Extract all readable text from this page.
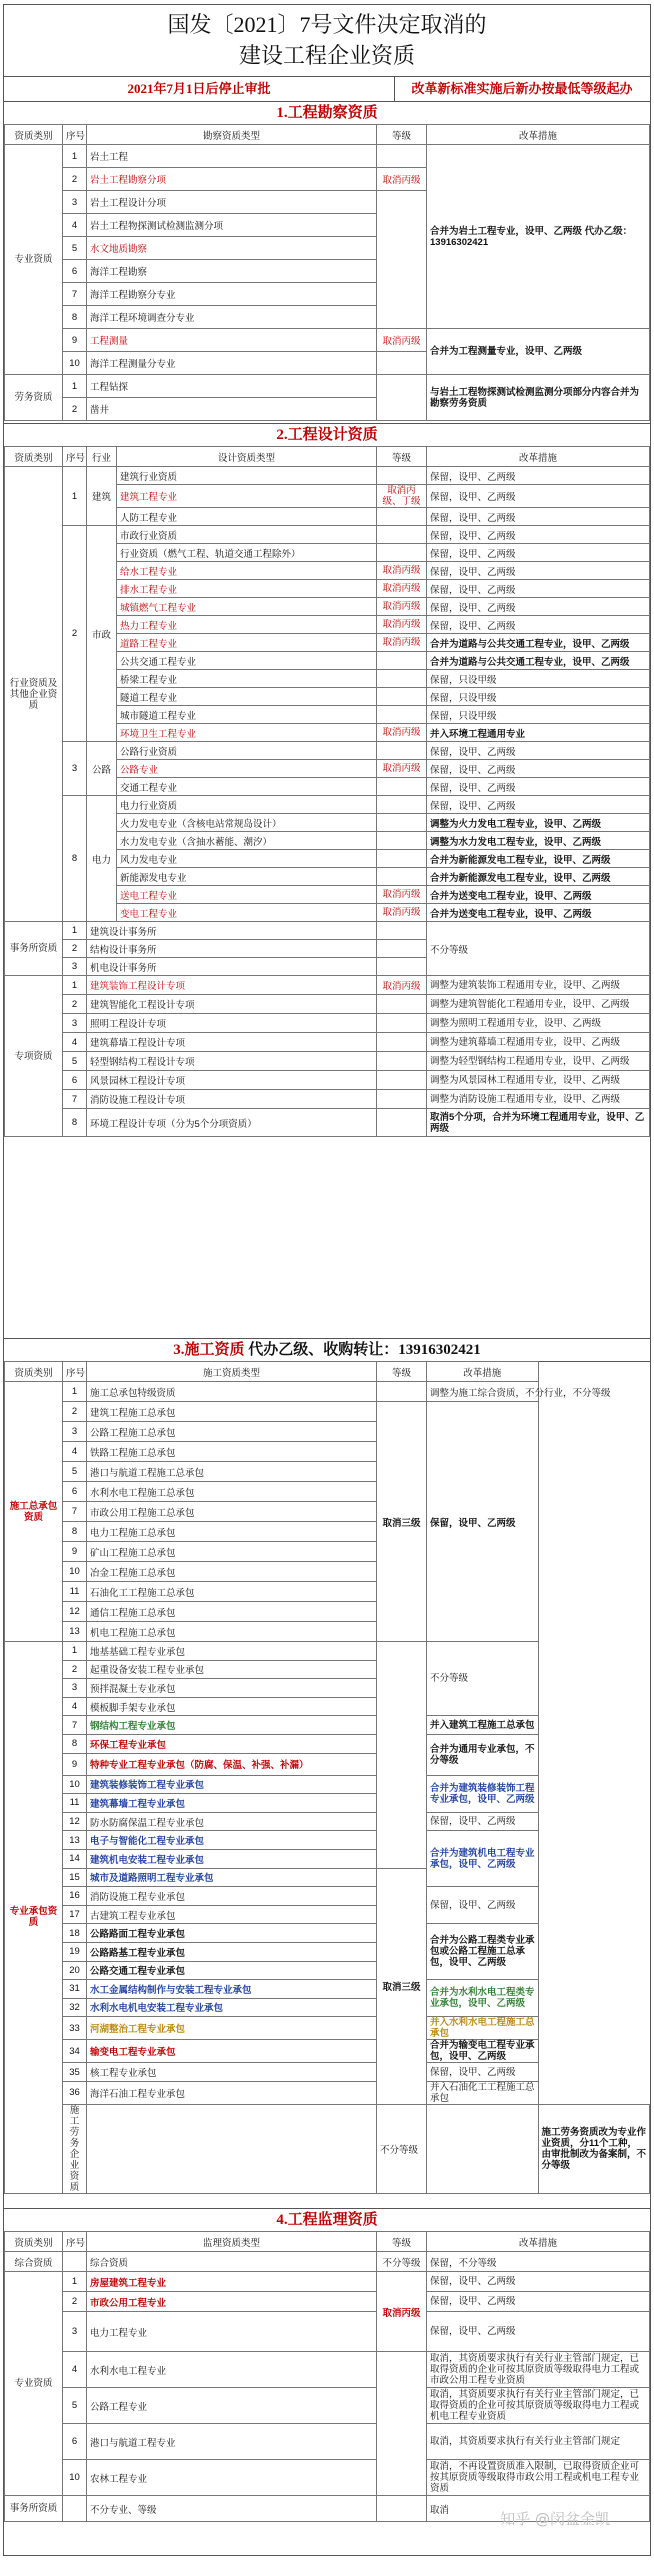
国发〔2021〕7号文件决定取消的
建设工程企业资质
2021年7月1日后停止审批	改革新标准实施后新办按最低等级起办
1.工程勘察资质
资质类别	序号	勘察资质类型	等级	改革措施
专业资质	1	岩土工程		合并为岩土工程专业，设甲、乙两级 代办乙级：13916302421
	2	岩土工程勘察分项	取消丙级	
	3	岩土工程设计分项		
	4	岩土工程物探测试检测监测分项		
	5	水文地质勘察		
	6	海洋工程勘察		
	7	海洋工程勘察分专业		
	8	海洋工程环境调查分专业		
	9	工程测量	取消丙级	合并为工程测量专业，设甲、乙两级
	10	海洋工程测量分专业		
劳务资质	1	工程钻探		与岩土工程物探测试检测监测分项部分内容合并为勘察劳务资质
	2	凿井		
2.工程设计资质
资质类别	序号	行业	设计资质类型	等级	改革措施
行业资质及其他企业资质	1	建筑	建筑行业资质		保留，设甲、乙两级
			建筑工程专业	取消丙级、丁级	保留，设甲、乙两级
			人防工程专业		保留，设甲、乙两级
	2	市政	市政行业资质		保留，设甲、乙两级
			行业资质（燃气工程、轨道交通工程除外）		保留，设甲、乙两级
			给水工程专业	取消丙级	保留，设甲、乙两级
			排水工程专业	取消丙级	保留，设甲、乙两级
			城镇燃气工程专业	取消丙级	保留，设甲、乙两级
			热力工程专业	取消丙级	保留，设甲、乙两级
			道路工程专业	取消丙级	合并为道路与公共交通工程专业，设甲、乙两级
			公共交通工程专业		合并为道路与公共交通工程专业，设甲、乙两级
			桥梁工程专业		保留，只设甲级
			隧道工程专业		保留，只设甲级
			城市隧道工程专业		保留，只设甲级
			环境卫生工程专业	取消丙级	并入环境工程通用专业
	3	公路	公路行业资质		保留，设甲、乙两级
			公路专业	取消丙级	保留，设甲、乙两级
			交通工程专业		保留，设甲、乙两级
	8	电力	电力行业资质		保留，设甲、乙两级
			火力发电专业（含核电站常规岛设计）		调整为火力发电工程专业，设甲、乙两级
			水力发电专业（含抽水蓄能、潮汐）		调整为水力发电工程专业，设甲、乙两级
			风力发电专业		合并为新能源发电工程专业，设甲、乙两级
			新能源发电专业		合并为新能源发电工程专业，设甲、乙两级
			送电工程专业	取消丙级	合并为送变电工程专业，设甲、乙两级
			变电工程专业	取消丙级	合并为送变电工程专业，设甲、乙两级
事务所资质	1	建筑设计事务所			不分等级
	2	结构设计事务所			
	3	机电设计事务所			
专项资质	1	建筑装饰工程设计专项		取消丙级	调整为建筑装饰工程通用专业，设甲、乙两级
	2	建筑智能化工程设计专项			调整为建筑智能化工程通用专业，设甲、乙两级
	3	照明工程设计专项			调整为照明工程通用专业，设甲、乙两级
	4	建筑幕墙工程设计专项			调整为建筑幕墙工程通用专业，设甲、乙两级
	5	轻型钢结构工程设计专项			调整为轻型钢结构工程通用专业，设甲、乙两级
	6	风景园林工程设计专项			调整为风景园林工程通用专业，设甲、乙两级
	7	消防设施工程设计专项			调整为消防设施工程通用专业，设甲、乙两级
	8	环境工程设计专项（分为5个分项资质）			取消5个分项，合并为环境工程通用专业，设甲、乙两级
3.施工资质 代办乙级、收购转让：13916302421
资质类别	序号	施工资质类型	等级	改革措施	
施工总承包资质	1	施工总承包特级资质		调整为施工综合资质，不分行业，不分等级	
	2	建筑工程施工总承包	取消三级	保留，设甲、乙两级	
	3	公路工程施工总承包			
	4	铁路工程施工总承包			
	5	港口与航道工程施工总承包			
	6	水利水电工程施工总承包			
	7	市政公用工程施工总承包			
	8	电力工程施工总承包			
	9	矿山工程施工总承包			
	10	冶金工程施工总承包			
	11	石油化工工程施工总承包			
	12	通信工程施工总承包			
	13	机电工程施工总承包			
专业承包资质	1	地基基础工程专业承包		不分等级	
	2	起重设备安装工程专业承包			
	3	预拌混凝土专业承包			
	4	模板脚手架专业承包			
	7	钢结构工程专业承包		并入建筑工程施工总承包	
	8	环保工程专业承包		合并为通用专业承包，不分等级	
	9	特种专业工程专业承包（防腐、保温、补强、补漏）			
	10	建筑装修装饰工程专业承包		合并为建筑装修装饰工程专业承包，设甲、乙两级	
	11	建筑幕墙工程专业承包			
	12	防水防腐保温工程专业承包		保留，设甲、乙两级	
	13	电子与智能化工程专业承包		合并为建筑机电工程专业承包，设甲、乙两级	
	14	建筑机电安装工程专业承包			
	15	城市及道路照明工程专业承包	取消三级		
	16	消防设施工程专业承包		保留，设甲、乙两级	
	17	古建筑工程专业承包			
	18	公路路面工程专业承包		合并为公路工程类专业承包或公路工程施工总承包，设甲、乙两级	
	19	公路路基工程专业承包			
	20	公路交通工程专业承包			
	31	水工金属结构制作与安装工程专业承包		合并为水利水电工程类专业承包，设甲、乙两级	
	32	水利水电机电安装工程专业承包			
	33	河湖整治工程专业承包		并入水利水电工程施工总承包	
	34	输变电工程专业承包		合并为输变电工程专业承包，设甲、乙两级	
	35	核工程专业承包		保留，设甲、乙两级	
	36	海洋石油工程专业承包		并入石油化工工程施工总承包	
	施工劳务企业资质		不分等级		施工劳务资质改为专业作业资质，分11个工种，由审批制改为备案制，不分等级
4.工程监理资质
资质类别	序号	监理资质类型	等级	改革措施
综合资质		综合资质	不分等级	保留，不分等级
专业资质	1	房屋建筑工程专业	取消丙级	保留，设甲、乙两级
	2	市政公用工程专业		保留，设甲、乙两级
	3	电力工程专业		保留，设甲、乙两级
	4	水利水电工程专业		取消，其资质要求执行有关行业主管部门规定，已取得资质的企业可按其原资质等级取得电力工程或市政公用工程专业资质
	5	公路工程专业		取消，其资质要求执行有关行业主管部门规定，已取得资质的企业可按其原资质等级取得电力工程或机电工程专业资质
	6	港口与航道工程专业		取消，其资质要求执行有关行业主管部门规定
	10	农林工程专业		取消，不再设置资质准入限制，已取得资质企业可按其原资质等级取得市政公用工程或机电工程专业资质
事务所资质		不分专业、等级		取消	知乎 @闵盆金凯
